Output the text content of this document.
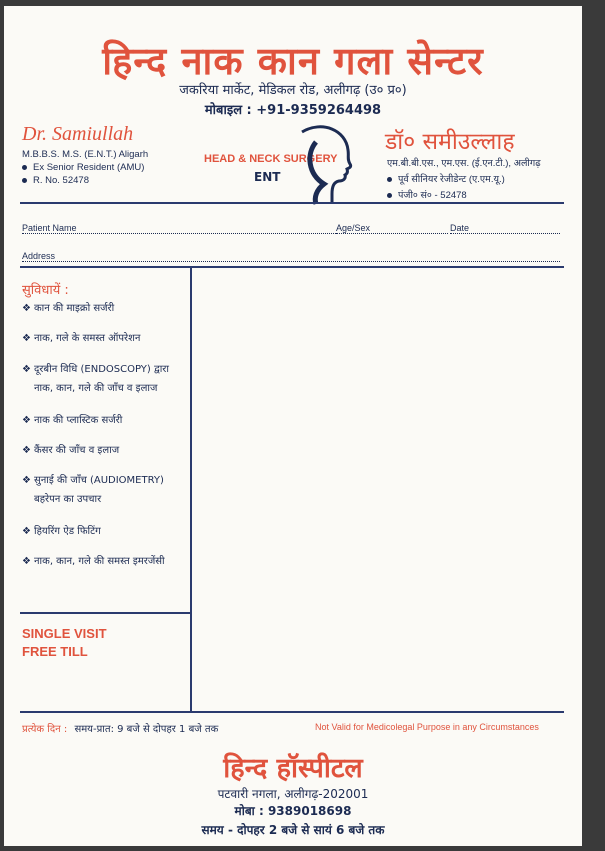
हिन्द नाक कान गला सेन्टर
जकरिया मार्केट, मेडिकल रोड, अलीगढ़ (उ० प्र०)
मोबाइल : +91-9359264498
Dr. Samiullah
M.B.B.S. M.S. (E.N.T.) Aligarh
Ex Senior Resident (AMU)
R. No. 52478
HEAD & NECK SURGERY
ENT
डॉ० समीउल्लाह
एम.बी.बी.एस., एम.एस. (ई.एन.टी.), अलीगढ़
पूर्व सीनियर रेजीडेन्ट (ए.एम.यू.)
पंजी० सं० - 52478
Patient Name	Age/Sex	Date
Address
सुविधायें :
❖ कान की माइक्रो सर्जरी
❖ नाक, गले के समस्त ऑपरेशन
❖ दूरबीन विधि (ENDOSCOPY) द्वारा
नाक, कान, गले की जाँच व इलाज
❖ नाक की प्लास्टिक सर्जरी
❖ कैंसर की जाँच व इलाज
❖ सुनाई की जाँच (AUDIOMETRY)
बहरेपन का उपचार
❖ हियरिंग ऐड फिटिंग
❖ नाक, कान, गले की समस्त इमरजेंसी
SINGLE VISIT
FREE TILL
प्रत्येक दिन : समय-प्रात: 9 बजे से दोपहर 1 बजे तक	Not Valid for Medicolegal Purpose in any Circumstances
हिन्द हॉस्पीटल
पटवारी नगला, अलीगढ़-202001
मोबा : 9389018698
समय - दोपहर 2 बजे से सायं 6 बजे तक
